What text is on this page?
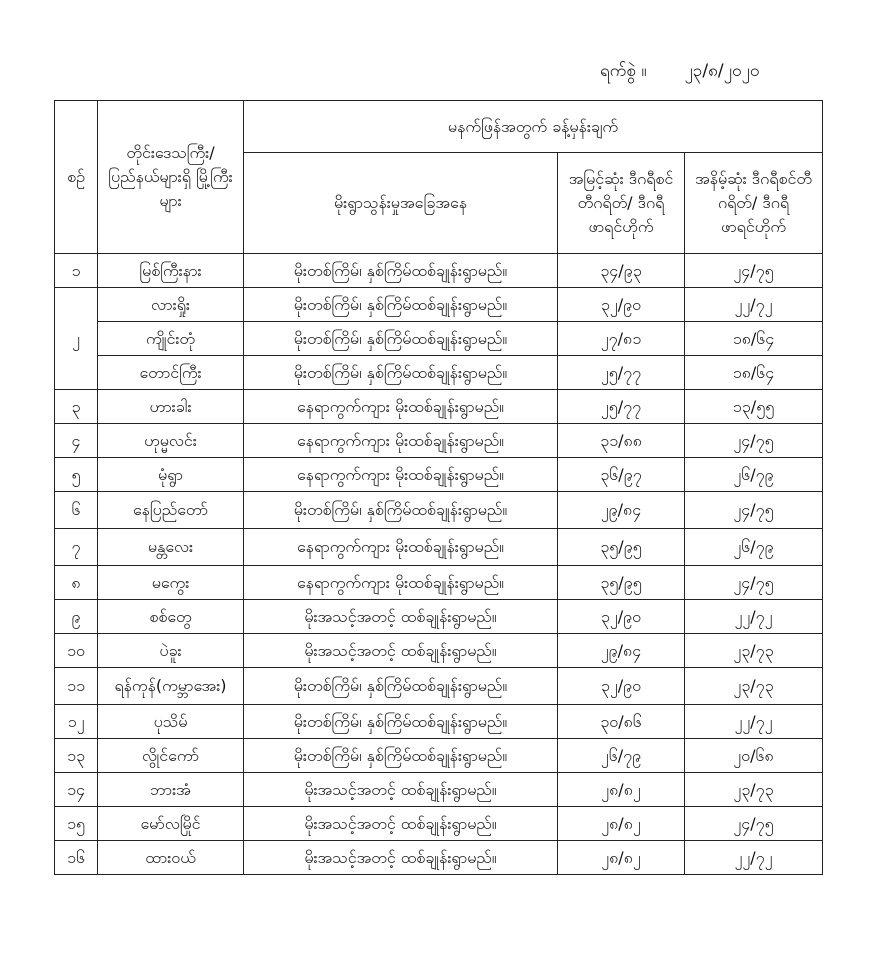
ရက်စွဲ ။ ၂၃/၈/၂၀၂၀
စဉ်	တိုင်းဒေသကြီး/ ပြည်နယ်များရှိ မြို့ကြီးများ	မနက်ဖြန်အတွက် ခန့်မှန်းချက်		
		မိုးရွာသွန်းမှုအခြေအနေ	အမြင့်ဆုံး ဒီဂရီစင်တီဂရိတ်/ ဒီဂရီဖာရင်ဟိုက်	အနိမ့်ဆုံး ဒီဂရီစင်တီဂရိတ်/ ဒီဂရီဖာရင်ဟိုက်
၁	မြစ်ကြီးနား	မိုးတစ်ကြိမ်၊ နှစ်ကြိမ်ထစ်ချုန်းရွာမည်။	၃၄/၉၃	၂၄/၇၅
၂	လားရှိုး	မိုးတစ်ကြိမ်၊ နှစ်ကြိမ်ထစ်ချုန်းရွာမည်။	၃၂/၉၀	၂၂/၇၂
	ကျိုင်းတုံ	မိုးတစ်ကြိမ်၊ နှစ်ကြိမ်ထစ်ချုန်းရွာမည်။	၂၇/၈၁	၁၈/၆၄
	တောင်ကြီး	မိုးတစ်ကြိမ်၊ နှစ်ကြိမ်ထစ်ချုန်းရွာမည်။	၂၅/၇၇	၁၈/၆၄
၃	ဟားခါး	နေရာကွက်ကျား မိုးထစ်ချုန်းရွာမည်။	၂၅/၇၇	၁၃/၅၅
၄	ဟုမ္မလင်း	နေရာကွက်ကျား မိုးထစ်ချုန်းရွာမည်။	၃၁/၈၈	၂၄/၇၅
၅	မုံရွာ	နေရာကွက်ကျား မိုးထစ်ချုန်းရွာမည်။	၃၆/၉၇	၂၆/၇၉
၆	နေပြည်တော်	မိုးတစ်ကြိမ်၊ နှစ်ကြိမ်ထစ်ချုန်းရွာမည်။	၂၉/၈၄	၂၄/၇၅
၇	မန္တလေး	နေရာကွက်ကျား မိုးထစ်ချုန်းရွာမည်။	၃၅/၉၅	၂၆/၇၉
၈	မကွေး	နေရာကွက်ကျား မိုးထစ်ချုန်းရွာမည်။	၃၅/၉၅	၂၄/၇၅
၉	စစ်တွေ	မိုးအသင့်အတင့် ထစ်ချုန်းရွာမည်။	၃၂/၉၀	၂၂/၇၂
၁၀	ပဲခူး	မိုးအသင့်အတင့် ထစ်ချုန်းရွာမည်။	၂၉/၈၄	၂၃/၇၃
၁၁	ရန်ကုန်(ကမ္ဘာအေး)	မိုးတစ်ကြိမ်၊ နှစ်ကြိမ်ထစ်ချုန်းရွာမည်။	၃၂/၉၀	၂၃/၇၃
၁၂	ပုသိမ်	မိုးတစ်ကြိမ်၊ နှစ်ကြိမ်ထစ်ချုန်းရွာမည်။	၃၀/၈၆	၂၂/၇၂
၁၃	လွိုင်ကော်	မိုးတစ်ကြိမ်၊ နှစ်ကြိမ်ထစ်ချုန်းရွာမည်။	၂၆/၇၉	၂၀/၆၈
၁၄	ဘားအံ	မိုးအသင့်အတင့် ထစ်ချုန်းရွာမည်။	၂၈/၈၂	၂၃/၇၃
၁၅	မော်လမြိုင်	မိုးအသင့်အတင့် ထစ်ချုန်းရွာမည်။	၂၈/၈၂	၂၄/၇၅
၁၆	ထားဝယ်	မိုးအသင့်အတင့် ထစ်ချုန်းရွာမည်။	၂၈/၈၂	၂၂/၇၂
